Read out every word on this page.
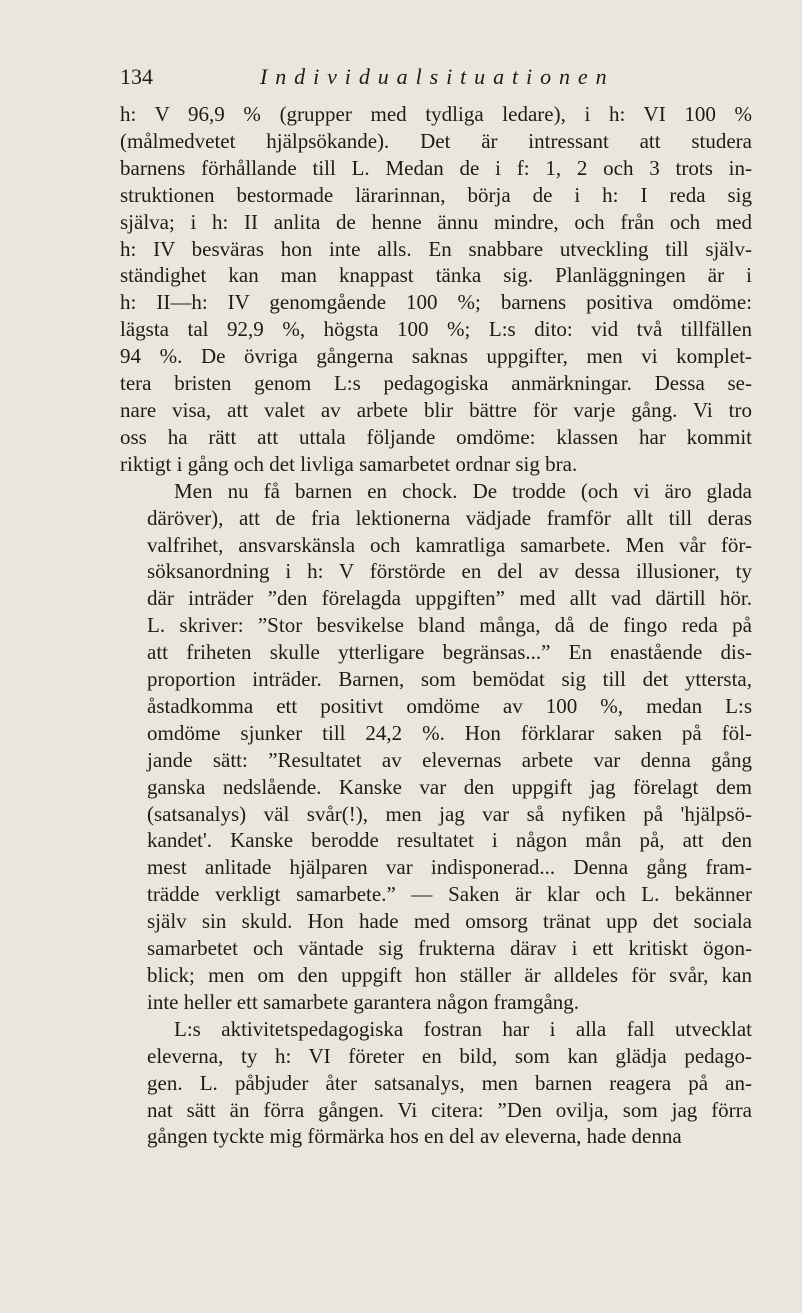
134	Individualsituationen
h: V 96,9 % (grupper med tydliga ledare), i h: VI 100 %
(målmedvetet hjälpsökande). Det är intressant att studera
barnens förhållande till L. Medan de i f: 1, 2 och 3 trots in-
struktionen bestormade lärarinnan, börja de i h: I reda sig
själva; i h: II anlita de henne ännu mindre, och från och med
h: IV besväras hon inte alls. En snabbare utveckling till själv-
ständighet kan man knappast tänka sig. Planläggningen är i
h: II—h: IV genomgående 100 %; barnens positiva omdöme:
lägsta tal 92,9 %, högsta 100 %; L:s dito: vid två tillfällen
94 %. De övriga gångerna saknas uppgifter, men vi komplet-
tera bristen genom L:s pedagogiska anmärkningar. Dessa se-
nare visa, att valet av arbete blir bättre för varje gång. Vi tro
oss ha rätt att uttala följande omdöme: klassen har kommit
riktigt i gång och det livliga samarbetet ordnar sig bra.
Men nu få barnen en chock. De trodde (och vi äro glada
däröver), att de fria lektionerna vädjade framför allt till deras
valfrihet, ansvarskänsla och kamratliga samarbete. Men vår för-
söksanordning i h: V förstörde en del av dessa illusioner, ty
där inträder ”den förelagda uppgiften” med allt vad därtill hör.
L. skriver: ”Stor besvikelse bland många, då de fingo reda på
att friheten skulle ytterligare begränsas...” En enastående dis-
proportion inträder. Barnen, som bemödat sig till det yttersta,
åstadkomma ett positivt omdöme av 100 %, medan L:s
omdöme sjunker till 24,2 %. Hon förklarar saken på föl-
jande sätt: ”Resultatet av elevernas arbete var denna gång
ganska nedslående. Kanske var den uppgift jag förelagt dem
(satsanalys) väl svår(!), men jag var så nyfiken på 'hjälpsö-
kandet'. Kanske berodde resultatet i någon mån på, att den
mest anlitade hjälparen var indisponerad... Denna gång fram-
trädde verkligt samarbete.” — Saken är klar och L. bekänner
själv sin skuld. Hon hade med omsorg tränat upp det sociala
samarbetet och väntade sig frukterna därav i ett kritiskt ögon-
blick; men om den uppgift hon ställer är alldeles för svår, kan
inte heller ett samarbete garantera någon framgång.
L:s aktivitetspedagogiska fostran har i alla fall utvecklat
eleverna, ty h: VI företer en bild, som kan glädja pedago-
gen. L. påbjuder åter satsanalys, men barnen reagera på an-
nat sätt än förra gången. Vi citera: ”Den ovilja, som jag förra
gången tyckte mig förmärka hos en del av eleverna, hade denna
